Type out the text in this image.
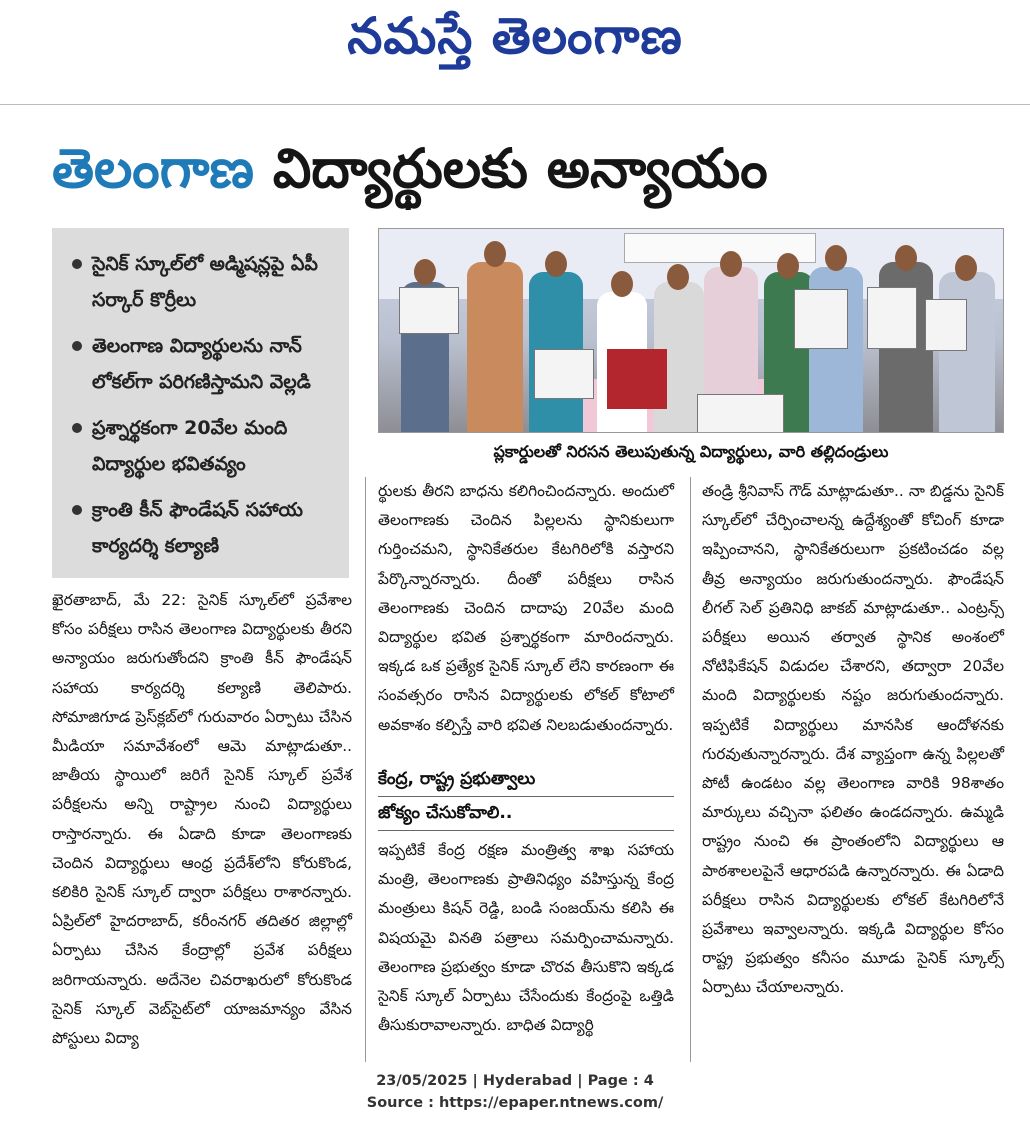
నమస్తే తెలంగాణ
తెలంగాణ విద్యార్థులకు అన్యాయం
సైనిక్ స్కూల్‌లో అడ్మిషన్లపై ఏపీ సర్కార్ కొర్రీలు
తెలంగాణ విద్యార్థులను నాన్ లోకల్‌గా పరిగణిస్తామని వెల్లడి
ప్రశ్నార్థకంగా 20వేల మంది విద్యార్థుల భవితవ్యం
క్రాంతి కీన్ ఫౌండేషన్ సహాయ కార్యదర్శి కల్యాణి
ప్లకార్డులతో నిరసన తెలుపుతున్న విద్యార్థులు, వారి తల్లిదండ్రులు
ఖైరతాబాద్, మే 22: సైనిక్ స్కూల్‌లో ప్రవేశాల కోసం పరీక్షలు రాసిన తెలంగాణ విద్యార్థులకు తీరని అన్యాయం జరుగుతోందని క్రాంతి కీన్ ఫౌండేషన్ సహాయ కార్యదర్శి కల్యాణి తెలిపారు. సోమాజిగూడ ప్రెస్‌క్లబ్‌లో గురువారం ఏర్పాటు చేసిన మీడియా సమావేశంలో ఆమె మాట్లాడుతూ.. జాతీయ స్థాయిలో జరిగే సైనిక్ స్కూల్ ప్రవేశ పరీక్షలను అన్ని రాష్ట్రాల నుంచి విద్యార్థులు రాస్తారన్నారు. ఈ ఏడాది కూడా తెలంగాణకు చెందిన విద్యార్థులు ఆంధ్ర ప్రదేశ్‌లోని కోరుకొండ, కలికిరి సైనిక్ స్కూల్ ద్వారా పరీక్షలు రాశారన్నారు. ఏప్రిల్‌లో హైదరాబాద్, కరీంనగర్ తదితర జిల్లాల్లో ఏర్పాటు చేసిన కేంద్రాల్లో ప్రవేశ పరీక్షలు జరిగాయన్నారు. అదేనెల చివరాఖరులో కోరుకొండ సైనిక్ స్కూల్ వెబ్‌సైట్‌లో యాజమాన్యం వేసిన పోస్టులు విద్యా
ర్థులకు తీరని బాధను కలిగించిందన్నారు. అందులో తెలంగాణకు చెందిన పిల్లలను స్థానికులుగా గుర్తించమని, స్థానికేతరుల కేటగిరిలోకి వస్తారని పేర్కొన్నారన్నారు. దీంతో పరీక్షలు రాసిన తెలంగాణకు చెందిన దాదాపు 20వేల మంది విద్యార్థుల భవిత ప్రశ్నార్థకంగా మారిందన్నారు. ఇక్కడ ఒక ప్రత్యేక సైనిక్ స్కూల్ లేని కారణంగా ఈ సంవత్సరం రాసిన విద్యార్థులకు లోకల్ కోటాలో అవకాశం కల్పిస్తే వారి భవిత నిలబడుతుందన్నారు.
కేంద్ర, రాష్ట్ర ప్రభుత్వాలు
జోక్యం చేసుకోవాలి..
ఇప్పటికే కేంద్ర రక్షణ మంత్రిత్వ శాఖ సహాయ మంత్రి, తెలంగాణకు ప్రాతినిధ్యం వహిస్తున్న కేంద్ర మంత్రులు కిషన్ రెడ్డి, బండి సంజయ్‌ను కలిసి ఈ విషయమై వినతి పత్రాలు సమర్పించామన్నారు. తెలంగాణ ప్రభుత్వం కూడా చొరవ తీసుకొని ఇక్కడ సైనిక్ స్కూల్ ఏర్పాటు చేసేందుకు కేంద్రంపై ఒత్తిడి తీసుకురావాలన్నారు. బాధిత విద్యార్థి
తండ్రి శ్రీనివాస్ గౌడ్ మాట్లాడుతూ.. నా బిడ్డను సైనిక్ స్కూల్‌లో చేర్పించాలన్న ఉద్దేశ్యంతో కోచింగ్ కూడా ఇప్పించానని, స్థానికేతరులుగా ప్రకటించడం వల్ల తీవ్ర అన్యాయం జరుగుతుందన్నారు. ఫౌండేషన్ లీగల్ సెల్ ప్రతినిధి జాకబ్ మాట్లాడుతూ.. ఎంట్రన్స్ పరీక్షలు అయిన తర్వాత స్థానిక అంశంలో నోటిఫికేషన్ విడుదల చేశారని, తద్వారా 20వేల మంది విద్యార్థులకు నష్టం జరుగుతుందన్నారు. ఇప్పటికే విద్యార్థులు మానసిక ఆందోళనకు గురవుతున్నారన్నారు. దేశ వ్యాప్తంగా ఉన్న పిల్లలతో పోటీ ఉండటం వల్ల తెలంగాణ వారికి 98శాతం మార్కులు వచ్చినా ఫలితం ఉండదన్నారు. ఉమ్మడి రాష్ట్రం నుంచి ఈ ప్రాంతంలోని విద్యార్థులు ఆ పాఠశాలలపైనే ఆధారపడి ఉన్నారన్నారు. ఈ ఏడాది పరీక్షలు రాసిన విద్యార్థులకు లోకల్ కేటగిరిలోనే ప్రవేశాలు ఇవ్వాలన్నారు. ఇక్కడి విద్యార్థుల కోసం రాష్ట్ర ప్రభుత్వం కనీసం మూడు సైనిక్ స్కూల్స్ ఏర్పాటు చేయాలన్నారు.
23/05/2025 | Hyderabad | Page : 4
Source : https://epaper.ntnews.com/
